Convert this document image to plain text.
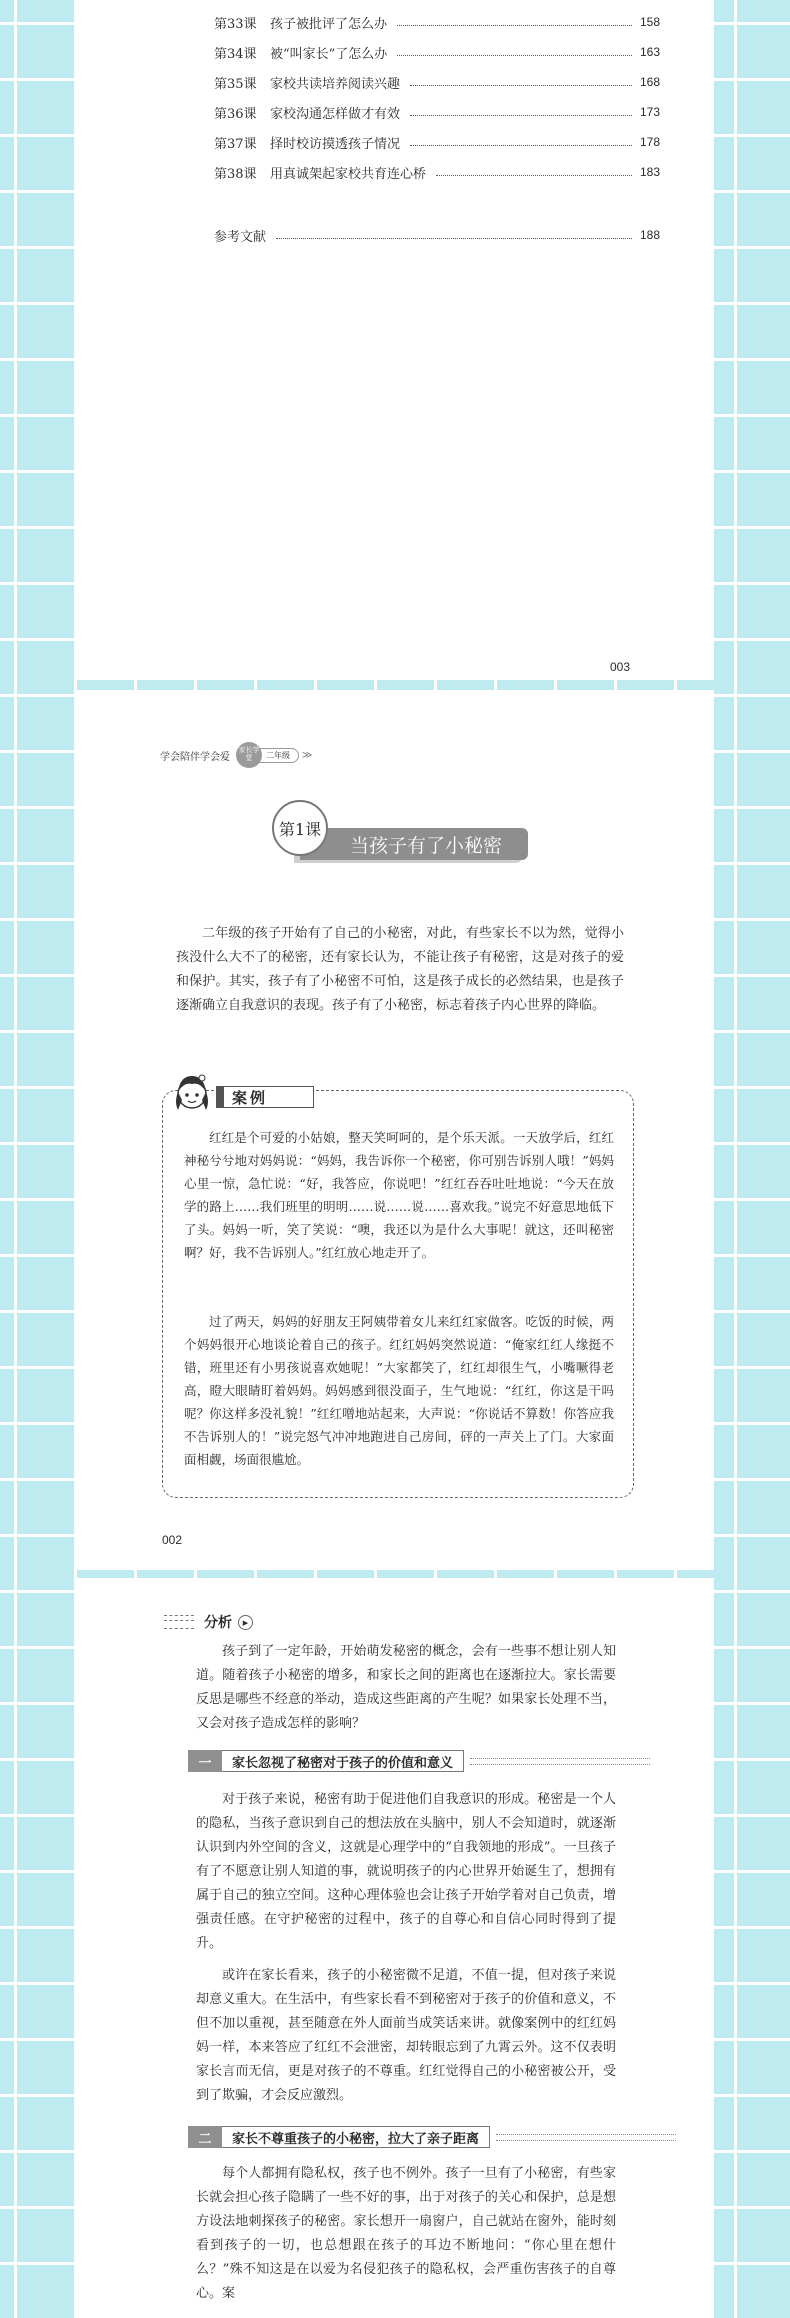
第33课	孩子被批评了怎么办	158
第34课	被“叫家长”了怎么办	163
第35课	家校共读培养阅读兴趣	168
第36课	家校沟通怎样做才有效	173
第37课	择时校访摸透孩子情况	178
第38课	用真诚架起家校共育连心桥	183
参考文献	188
003
学会陪伴学会爱
家长学堂	二年级	≫
第1课
当孩子有了小秘密

二年级的孩子开始有了自己的小秘密，对此，有些家长不以为然，觉得小孩没什么大不了的秘密，还有家长认为，不能让孩子有秘密，这是对孩子的爱和保护。其实，孩子有了小秘密不可怕，这是孩子成长的必然结果，也是孩子逐渐确立自我意识的表现。孩子有了小秘密，标志着孩子内心世界的降临。

案例

红红是个可爱的小姑娘，整天笑呵呵的，是个乐天派。一天放学后，红红神秘兮兮地对妈妈说：“妈妈，我告诉你一个秘密，你可别告诉别人哦！”妈妈心里一惊，急忙说：“好，我答应，你说吧！”红红吞吞吐吐地说：“今天在放学的路上……我们班里的明明……说……说……喜欢我。”说完不好意思地低下了头。妈妈一听，笑了笑说：“噢，我还以为是什么大事呢！就这，还叫秘密啊？好，我不告诉别人。”红红放心地走开了。

过了两天，妈妈的好朋友王阿姨带着女儿来红红家做客。吃饭的时候，两个妈妈很开心地谈论着自己的孩子。红红妈妈突然说道：“俺家红红人缘挺不错，班里还有小男孩说喜欢她呢！”大家都笑了，红红却很生气，小嘴噘得老高，瞪大眼睛盯着妈妈。妈妈感到很没面子，生气地说：“红红，你这是干吗呢？你这样多没礼貌！”红红噌地站起来，大声说：“你说话不算数！你答应我不告诉别人的！”说完怒气冲冲地跑进自己房间，砰的一声关上了门。大家面面相觑，场面很尴尬。

002
分析	▶

孩子到了一定年龄，开始萌发秘密的概念，会有一些事不想让别人知道。随着孩子小秘密的增多，和家长之间的距离也在逐渐拉大。家长需要反思是哪些不经意的举动，造成这些距离的产生呢？如果家长处理不当，又会对孩子造成怎样的影响？

一	家长忽视了秘密对于孩子的价值和意义

对于孩子来说，秘密有助于促进他们自我意识的形成。秘密是一个人的隐私，当孩子意识到自己的想法放在头脑中，别人不会知道时，就逐渐认识到内外空间的含义，这就是心理学中的“自我领地的形成”。一旦孩子有了不愿意让别人知道的事，就说明孩子的内心世界开始诞生了，想拥有属于自己的独立空间。这种心理体验也会让孩子开始学着对自己负责，增强责任感。在守护秘密的过程中，孩子的自尊心和自信心同时得到了提升。

或许在家长看来，孩子的小秘密微不足道，不值一提，但对孩子来说却意义重大。在生活中，有些家长看不到秘密对于孩子的价值和意义，不但不加以重视，甚至随意在外人面前当成笑话来讲。就像案例中的红红妈妈一样，本来答应了红红不会泄密，却转眼忘到了九霄云外。这不仅表明家长言而无信，更是对孩子的不尊重。红红觉得自己的小秘密被公开，受到了欺骗，才会反应激烈。

二	家长不尊重孩子的小秘密，拉大了亲子距离

每个人都拥有隐私权，孩子也不例外。孩子一旦有了小秘密，有些家长就会担心孩子隐瞒了一些不好的事，出于对孩子的关心和保护，总是想方设法地刺探孩子的秘密。家长想开一扇窗户，自己就站在窗外，能时刻看到孩子的一切，也总想跟在孩子的耳边不断地问：“你心里在想什么？”殊不知这是在以爱为名侵犯孩子的隐私权，会严重伤害孩子的自尊心。案
